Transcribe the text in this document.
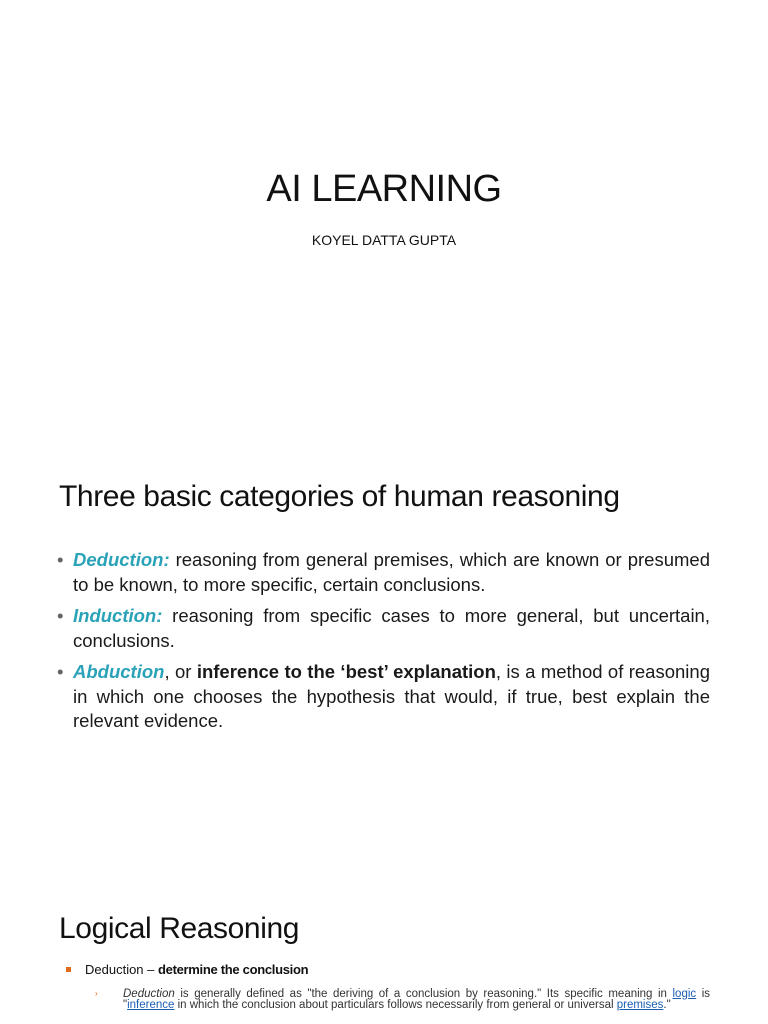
AI LEARNING
KOYEL DATTA GUPTA
Three basic categories of human reasoning
• Deduction: reasoning from general premises, which are known or presumed to be known, to more specific, certain conclusions.
• Induction: reasoning from specific cases to more general, but uncertain, conclusions.
• Abduction, or inference to the ‘best’ explanation, is a method of reasoning in which one chooses the hypothesis that would, if true, best explain the relevant evidence.
Logical Reasoning
Deduction – determine the conclusion
›	Deduction is generally defined as "the deriving of a conclusion by reasoning." Its specific meaning in logic is "inference in which the conclusion about particulars follows necessarily from general or universal premises."
